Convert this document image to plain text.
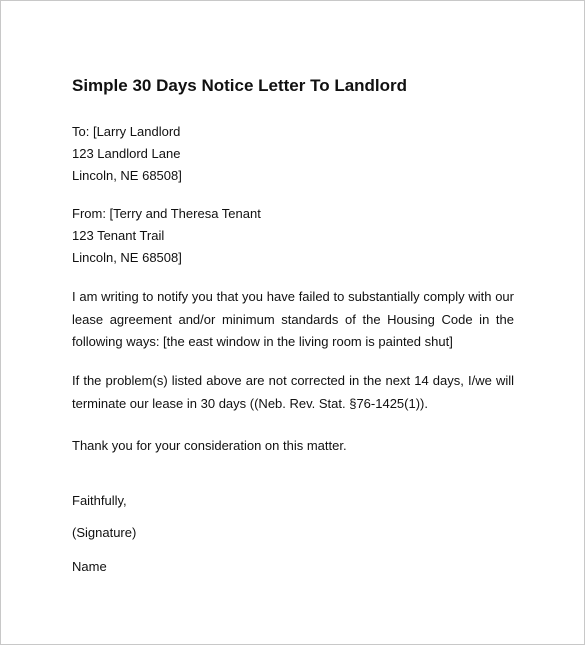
Simple 30 Days Notice Letter To Landlord
To: [Larry Landlord
123 Landlord Lane
Lincoln, NE 68508]
From: [Terry and Theresa Tenant
123 Tenant Trail
Lincoln, NE 68508]
I am writing to notify you that you have failed to substantially comply with our lease agreement and/or minimum standards of the Housing Code in the following ways: [the east window in the living room is painted shut]
If the problem(s) listed above are not corrected in the next 14 days, I/we will terminate our lease in 30 days ((Neb. Rev. Stat. §76-1425(1)).
Thank you for your consideration on this matter.
Faithfully,
(Signature)
Name
